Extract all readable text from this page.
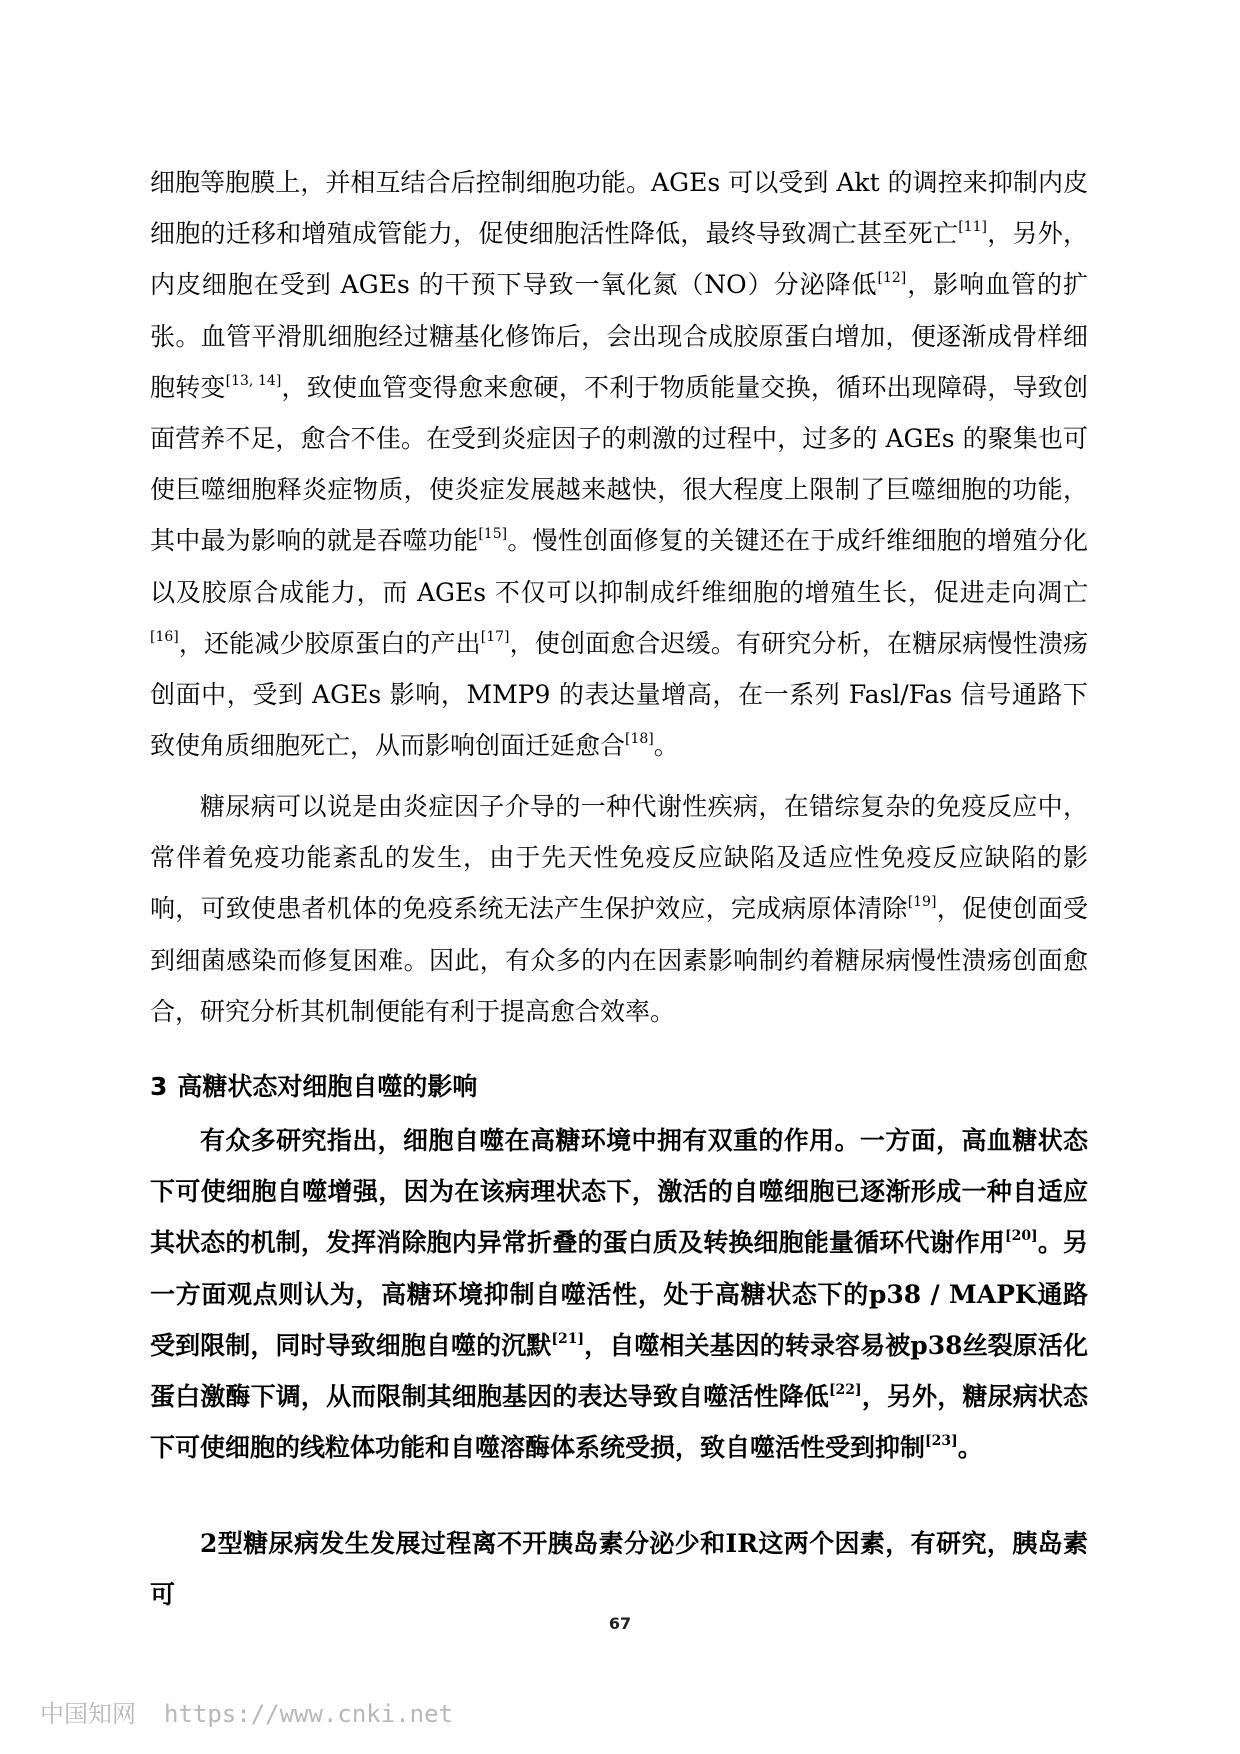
细胞等胞膜上，并相互结合后控制细胞功能。AGEs 可以受到 Akt 的调控来抑制内皮细胞的迁移和增殖成管能力，促使细胞活性降低，最终导致凋亡甚至死亡[11]，另外，内皮细胞在受到 AGEs 的干预下导致一氧化氮（NO）分泌降低[12]，影响血管的扩张。血管平滑肌细胞经过糖基化修饰后，会出现合成胶原蛋白增加，便逐渐成骨样细胞转变[13, 14]，致使血管变得愈来愈硬，不利于物质能量交换，循环出现障碍，导致创面营养不足，愈合不佳。在受到炎症因子的刺激的过程中，过多的 AGEs 的聚集也可使巨噬细胞释炎症物质，使炎症发展越来越快，很大程度上限制了巨噬细胞的功能，其中最为影响的就是吞噬功能[15]。慢性创面修复的关键还在于成纤维细胞的增殖分化以及胶原合成能力，而 AGEs 不仅可以抑制成纤维细胞的增殖生长，促进走向凋亡[16]，还能减少胶原蛋白的产出[17]，使创面愈合迟缓。有研究分析，在糖尿病慢性溃疡创面中，受到 AGEs 影响，MMP9 的表达量增高，在一系列 Fasl/Fas 信号通路下致使角质细胞死亡，从而影响创面迁延愈合[18]。

糖尿病可以说是由炎症因子介导的一种代谢性疾病，在错综复杂的免疫反应中，常伴着免疫功能紊乱的发生，由于先天性免疫反应缺陷及适应性免疫反应缺陷的影响，可致使患者机体的免疫系统无法产生保护效应，完成病原体清除[19]，促使创面受到细菌感染而修复困难。因此，有众多的内在因素影响制约着糖尿病慢性溃疡创面愈合，研究分析其机制便能有利于提高愈合效率。

3 高糖状态对细胞自噬的影响

有众多研究指出，细胞自噬在高糖环境中拥有双重的作用。一方面，高血糖状态下可使细胞自噬增强，因为在该病理状态下，激活的自噬细胞已逐渐形成一种自适应其状态的机制，发挥消除胞内异常折叠的蛋白质及转换细胞能量循环代谢作用[20]。另一方面观点则认为，高糖环境抑制自噬活性，处于高糖状态下的p38 / MAPK通路受到限制，同时导致细胞自噬的沉默[21]，自噬相关基因的转录容易被p38丝裂原活化蛋白激酶下调，从而限制其细胞基因的表达导致自噬活性降低[22]，另外，糖尿病状态下可使细胞的线粒体功能和自噬溶酶体系统受损，致自噬活性受到抑制[23]。

2型糖尿病发生发展过程离不开胰岛素分泌少和IR这两个因素，有研究，胰岛素可

67
中国知网 https://www.cnki.net
